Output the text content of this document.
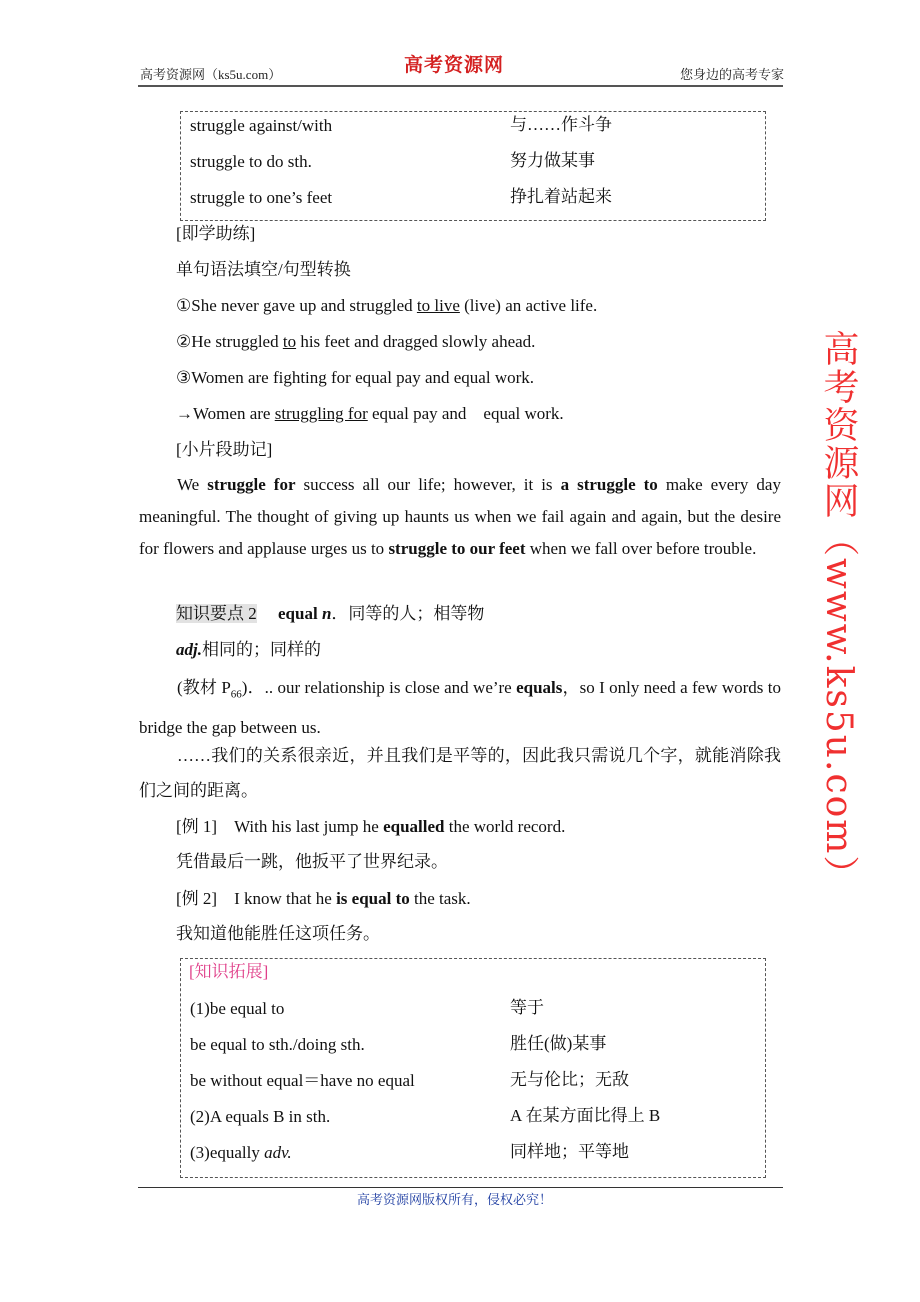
高考资源网（ks5u.com）	高考资源网	您身边的高考专家
struggle against/with	与……作斗争
struggle to do sth.	努力做某事
struggle to one’s feet	挣扎着站起来
[即学助练]
单句语法填空/句型转换
①She never gave up and struggled to live (live) an active life.
②He struggled to his feet and dragged slowly ahead.
③Women are fighting for equal pay and equal work.
→Women are struggling for equal pay and    equal work.
[小片段助记]
We struggle for success all our life; however, it is a struggle to make every day meaningful. The thought of giving up haunts us when we fail again and again, but the desire for flowers and applause urges us to struggle to our feet when we fall over before trouble.
知识要点 2　 equal n．同等的人；相等物
adj.相同的；同样的
(教材 $P_{66}$)．.. our relationship is close and we’re equals，so I only need a few words to bridge the gap between us.
……我们的关系很亲近，并且我们是平等的，因此我只需说几个字，就能消除我们之间的距离。
[例 1]　With his last jump he equalled the world record.
凭借最后一跳，他扳平了世界纪录。
[例 2]　I know that he is equal to the task.
我知道他能胜任这项任务。
[知识拓展]
(1)be equal to	等于
be equal to sth./doing sth.	胜任(做)某事
be without equal＝have no equal	无与伦比；无敌
(2)A equals B in sth.	A 在某方面比得上 B
(3)equally adv.	同样地；平等地
高考资源网（www.ks5u.com）
高考资源网版权所有，侵权必究！
